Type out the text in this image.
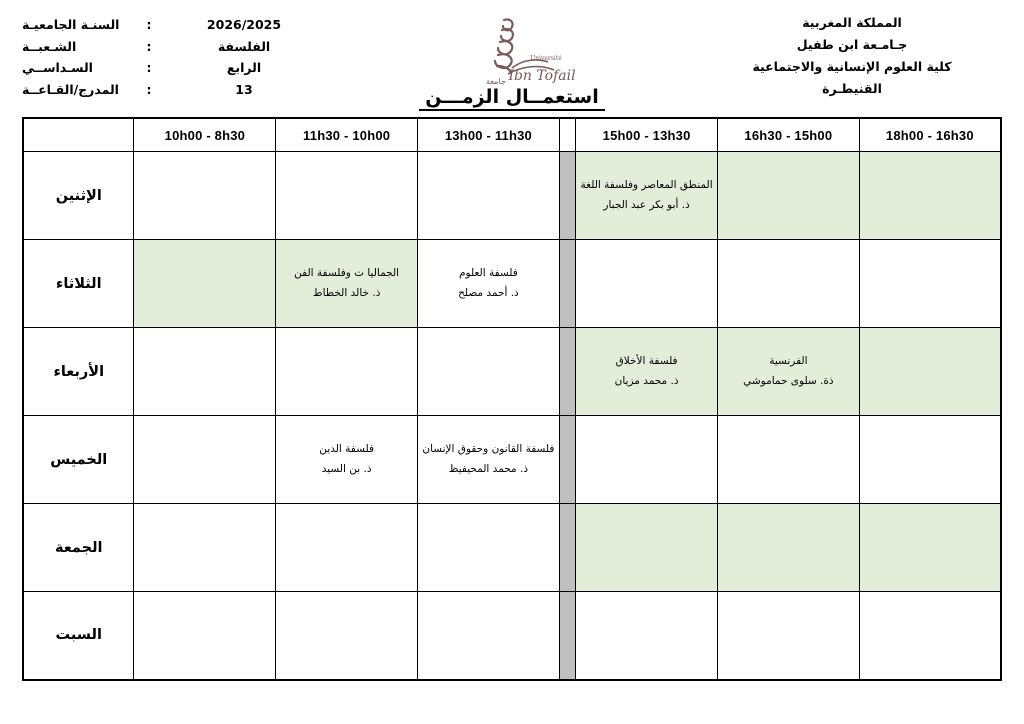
2026/2025
:
السنـة الجامعيـة
الفلسفة
:
الشـعبــة
الرابع
:
السـداســي
13
:
المدرج/القـاعــة
Université
Ibn Tofail
جامعة
المملكة المغربية
جـامـعة ابن طفيل
كلية العلوم الإنسانية والاجتماعية
القنيطـرة
استعمــال الزمـــن
18h00 - 16h30	16h30 - 15h00	15h00 - 13h30		13h00 - 11h30	11h30 - 10h00	10h00 - 8h30	

		المنطق المعاصر وفلسفة اللغة
ذ. أبو بكر عبد الجبار					الإثنين

				فلسفة العلوم
ذ. أحمد مصلح	الجماليا ت وفلسفة الفن
ذ. خالد الخطاط		الثلاثاء

	الفرنسية
ذة. سلوى حماموشي	فلسفة الأخلاق
ذ. محمد مزيان					الأربعاء

				فلسفة القانون وحقوق الإنسان
ذ. محمد المحيفيظ	فلسفة الدين
ذ. بن السيد		الخميس
							الجمعة
							السبت
